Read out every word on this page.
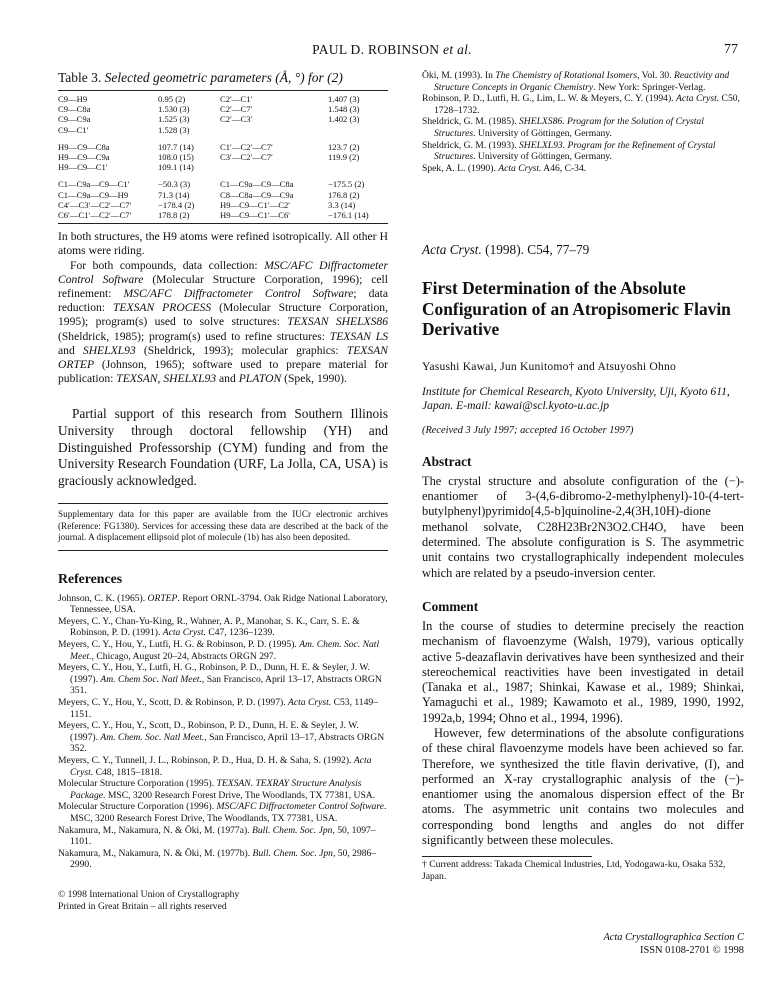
PAUL D. ROBINSON et al.	77
Table 3. Selected geometric parameters (Å, °) for (2)
C9—H9	0.95 (2)	C2′—C1′	1.407 (3)
C9—C8a	1.530 (3)	C2′—C7′	1.548 (3)
C9—C9a	1.525 (3)	C2′—C3′	1.402 (3)
C9—C1′	1.528 (3)		

H9—C9—C8a	107.7 (14)	C1′—C2′—C7′	123.7 (2)
H9—C9—C9a	108.0 (15)	C3′—C2′—C7′	119.9 (2)
H9—C9—C1′	109.1 (14)		

C1—C9a—C9—C1′	−50.3 (3)	C1—C9a—C9—C8a	−175.5 (2)
C1—C9a—C9—H9	71.3 (14)	C8—C8a—C9—C9a	176.8 (2)
C4′—C3′—C2′—C7′	−178.4 (2)	H9—C9—C1′—C2′	3.3 (14)
C6′—C1′—C2′—C7′	178.8 (2)	H9—C9—C1′—C6′	−176.1 (14)

In both structures, the H9 atoms were refined isotropically. All other H atoms were riding.

For both compounds, data collection: MSC/AFC Diffractometer Control Software (Molecular Structure Corporation, 1996); cell refinement: MSC/AFC Diffractometer Control Software; data reduction: TEXSAN PROCESS (Molecular Structure Corporation, 1995); program(s) used to solve structures: TEXSAN SHELXS86 (Sheldrick, 1985); program(s) used to refine structures: TEXSAN LS and SHELXL93 (Sheldrick, 1993); molecular graphics: TEXSAN ORTEP (Johnson, 1965); software used to prepare material for publication: TEXSAN, SHELXL93 and PLATON (Spek, 1990).

Partial support of this research from Southern Illinois University through doctoral fellowship (YH) and Distinguished Professorship (CYM) funding and from the University Research Foundation (URF, La Jolla, CA, USA) is graciously acknowledged.

Supplementary data for this paper are available from the IUCr electronic archives (Reference: FG1380). Services for accessing these data are described at the back of the journal. A displacement ellipsoid plot of molecule (1b) has also been deposited.
References
Johnson, C. K. (1965). ORTEP. Report ORNL-3794. Oak Ridge National Laboratory, Tennessee, USA.
Meyers, C. Y., Chan-Yu-King, R., Wahner, A. P., Manohar, S. K., Carr, S. E. & Robinson, P. D. (1991). Acta Cryst. C47, 1236–1239.
Meyers, C. Y., Hou, Y., Lutfi, H. G. & Robinson, P. D. (1995). Am. Chem. Soc. Natl Meet., Chicago, August 20–24, Abstracts ORGN 297.
Meyers, C. Y., Hou, Y., Lutfi, H. G., Robinson, P. D., Dunn, H. E. & Seyler, J. W. (1997). Am. Chem Soc. Natl Meet., San Francisco, April 13–17, Abstracts ORGN 351.
Meyers, C. Y., Hou, Y., Scott, D. & Robinson, P. D. (1997). Acta Cryst. C53, 1149–1151.
Meyers, C. Y., Hou, Y., Scott, D., Robinson, P. D., Dunn, H. E. & Seyler, J. W. (1997). Am. Chem. Soc. Natl Meet., San Francisco, April 13–17, Abstracts ORGN 352.
Meyers, C. Y., Tunnell, J. L., Robinson, P. D., Hua, D. H. & Saha, S. (1992). Acta Cryst. C48, 1815–1818.
Molecular Structure Corporation (1995). TEXSAN. TEXRAY Structure Analysis Package. MSC, 3200 Research Forest Drive, The Woodlands, TX 77381, USA.
Molecular Structure Corporation (1996). MSC/AFC Diffractometer Control Software. MSC, 3200 Research Forest Drive, The Woodlands, TX 77381, USA.
Nakamura, M., Nakamura, N. & Ōki, M. (1977a). Bull. Chem. Soc. Jpn, 50, 1097–1101.
Nakamura, M., Nakamura, N. & Ōki, M. (1977b). Bull. Chem. Soc. Jpn, 50, 2986–2990.
© 1998 International Union of Crystallography
Printed in Great Britain – all rights reserved
Ōki, M. (1993). In The Chemistry of Rotational Isomers, Vol. 30. Reactivity and Structure Concepts in Organic Chemistry. New York: Springer-Verlag.
Robinson, P. D., Lutfi, H. G., Lim, L. W. & Meyers, C. Y. (1994). Acta Cryst. C50, 1728–1732.
Sheldrick, G. M. (1985). SHELXS86. Program for the Solution of Crystal Structures. University of Göttingen, Germany.
Sheldrick, G. M. (1993). SHELXL93. Program for the Refinement of Crystal Structures. University of Göttingen, Germany.
Spek, A. L. (1990). Acta Cryst. A46, C-34.
Acta Cryst. (1998). C54, 77–79
First Determination of the Absolute Configuration of an Atropisomeric Flavin Derivative
Yasushi Kawai, Jun Kunitomo† and Atsuyoshi Ohno
Institute for Chemical Research, Kyoto University, Uji, Kyoto 611, Japan. E-mail: kawai@scl.kyoto-u.ac.jp
(Received 3 July 1997; accepted 16 October 1997)
Abstract

The crystal structure and absolute configuration of the (−)-enantiomer of 3-(4,6-dibromo-2-methylphenyl)-10-(4-tert-butylphenyl)pyrimido[4,5-b]quinoline-2,4(3H,10H)-dione methanol solvate, C28H23Br2N3O2.CH4O, have been determined. The absolute configuration is S. The asymmetric unit contains two crystallographically independent molecules which are related by a pseudo-inversion center.

Comment

In the course of studies to determine precisely the reaction mechanism of flavoenzyme (Walsh, 1979), various optically active 5-deazaflavin derivatives have been synthesized and their stereochemical reactivities have been investigated in detail (Tanaka et al., 1987; Shinkai, Kawase et al., 1989; Shinkai, Yamaguchi et al., 1989; Kawamoto et al., 1989, 1990, 1992, 1992a,b, 1994; Ohno et al., 1994, 1996).

However, few determinations of the absolute configurations of these chiral flavoenzyme models have been achieved so far. Therefore, we synthesized the title flavin derivative, (I), and performed an X-ray crystallographic analysis of the (−)-enantiomer using the anomalous dispersion effect of the Br atoms. The asymmetric unit contains two molecules and corresponding bond lengths and angles do not differ significantly between these molecules.

† Current address: Takada Chemical Industries, Ltd, Yodogawa-ku, Osaka 532, Japan.
Acta Crystallographica Section C
ISSN 0108-2701 © 1998
